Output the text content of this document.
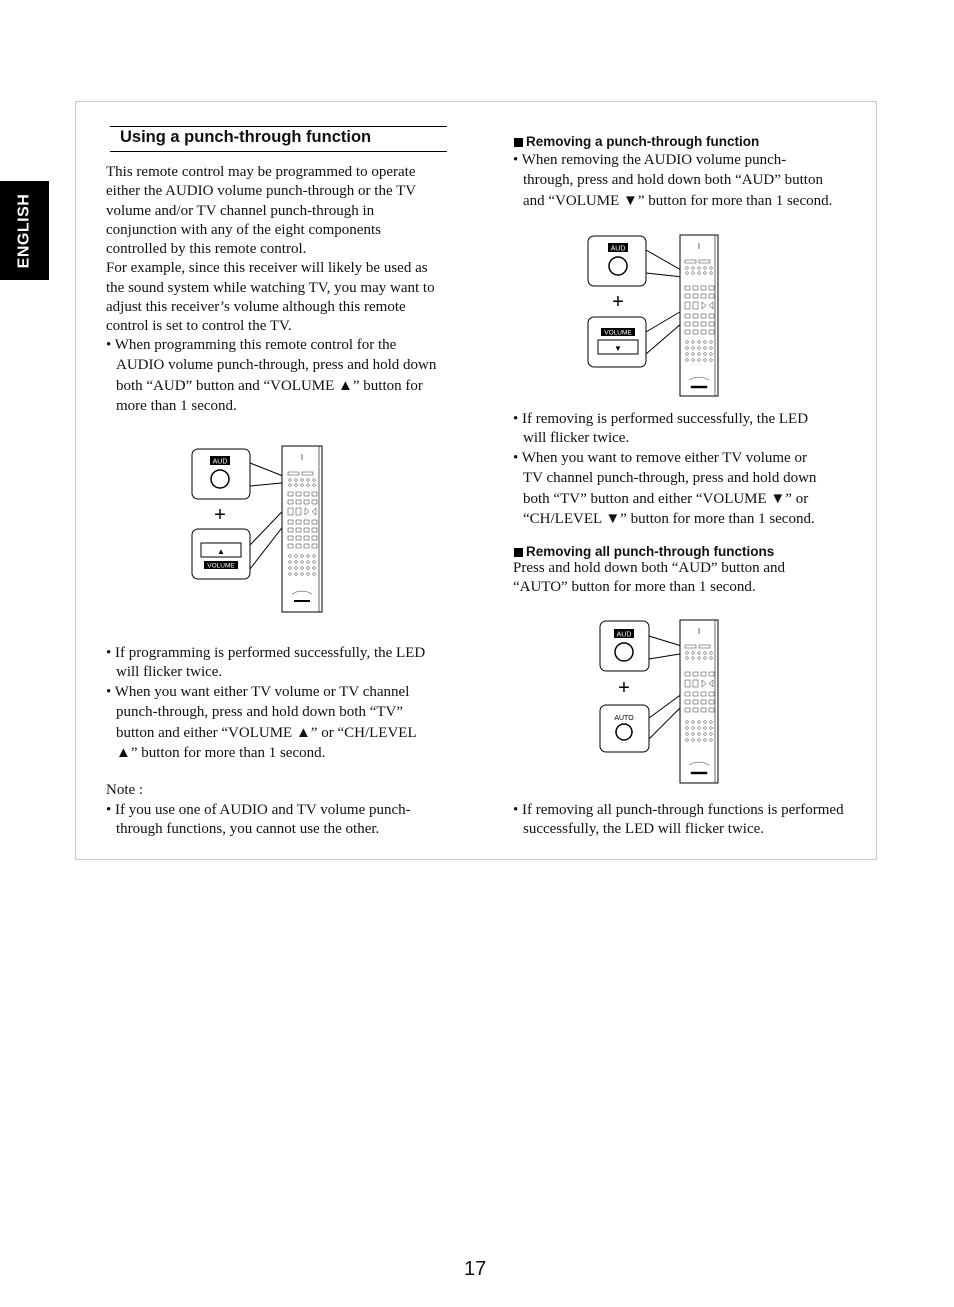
ENGLISH
Using a punch-through function

This remote control may be programmed to operate

either the AUDIO volume punch-through or the TV

volume and/or TV channel punch-through in

conjunction with any of the eight components

controlled by this remote control.

For example, since this receiver will likely be used as

the sound system while watching TV, you may want to

adjust this receiver’s volume although this remote

control is set to control the TV.

• When programming this remote control for the

AUDIO volume punch-through, press and hold down

both “AUD” button and “VOLUME ▲” button for

more than 1 second.

AUD
+
▲
VOLUME

• If programming is performed successfully, the LED

will flicker twice.

• When you want either TV volume or TV channel

punch-through, press and hold down both “TV”

button and either “VOLUME ▲” or “CH/LEVEL

▲” button for more than 1 second.

Note :

• If you use one of AUDIO and TV volume punch-

through functions, you cannot use the other.

Removing a punch-through function

• When removing the AUDIO volume punch-

through, press and hold down both “AUD” button

and “VOLUME ▼” button for more than 1 second.

AUD
+
VOLUME
▼

• If removing is performed successfully, the LED

will flicker twice.

• When you want to remove either TV volume or

TV channel punch-through, press and hold down

both “TV” button and either “VOLUME ▼” or

“CH/LEVEL ▼” button for more than 1 second.

Removing all punch-through functions

Press and hold down both “AUD” button and

“AUTO” button for more than 1 second.

AUD
+
AUTO

• If removing all punch-through functions is performed

successfully, the LED will flicker twice.

17
